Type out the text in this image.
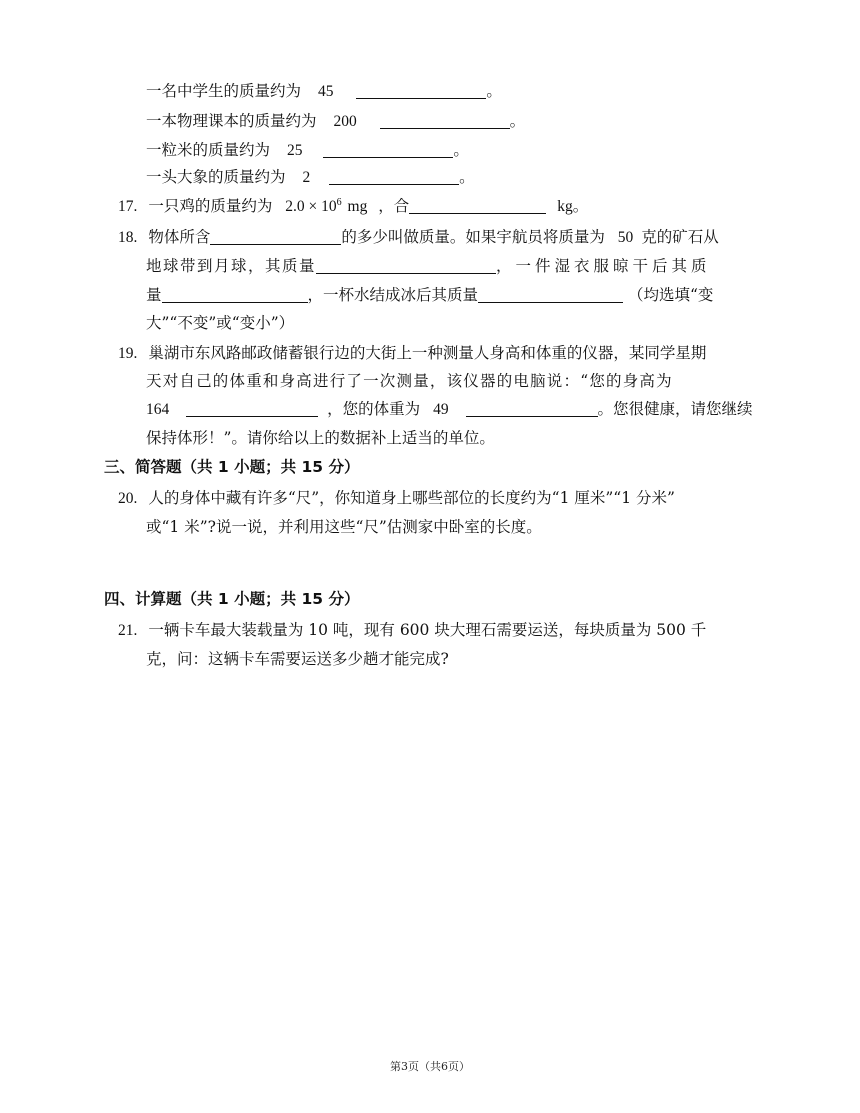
一名中学生的质量约为 45	。
一本物理课本的质量约为 200	。
一粒米的质量约为 25	。
一头大象的质量约为 2	。
17. 一只鸡的质量约为 $2.0 \times 10^6$ mg ，合	kg。
18. 物体所含	的多少叫做质量。如果宇航员将质量为 50 克的矿石从
地球带到月球，其质量	，一件湿衣服晾干后其质
量	，一杯水结成冰后其质量	（均选填“变
大”“不变”或“变小”）
19. 巢湖市东风路邮政储蓄银行边的大街上一种测量人身高和体重的仪器，某同学星期
天对自己的体重和身高进行了一次测量，该仪器的电脑说：“您的身高为
164	，您的体重为 49	。您很健康，请您继续
保持体形！”。请你给以上的数据补上适当的单位。
三、简答题（共 1 小题；共 15 分）
20. 人的身体中藏有许多“尺”，你知道身上哪些部位的长度约为“1 厘米”“1 分米”
或“1 米”?说一说，并利用这些“尺”估测家中卧室的长度。
四、计算题（共 1 小题；共 15 分）
21. 一辆卡车最大装载量为 10 吨，现有 600 块大理石需要运送，每块质量为 500 千
克，问：这辆卡车需要运送多少趟才能完成?
第3页（共6页）
